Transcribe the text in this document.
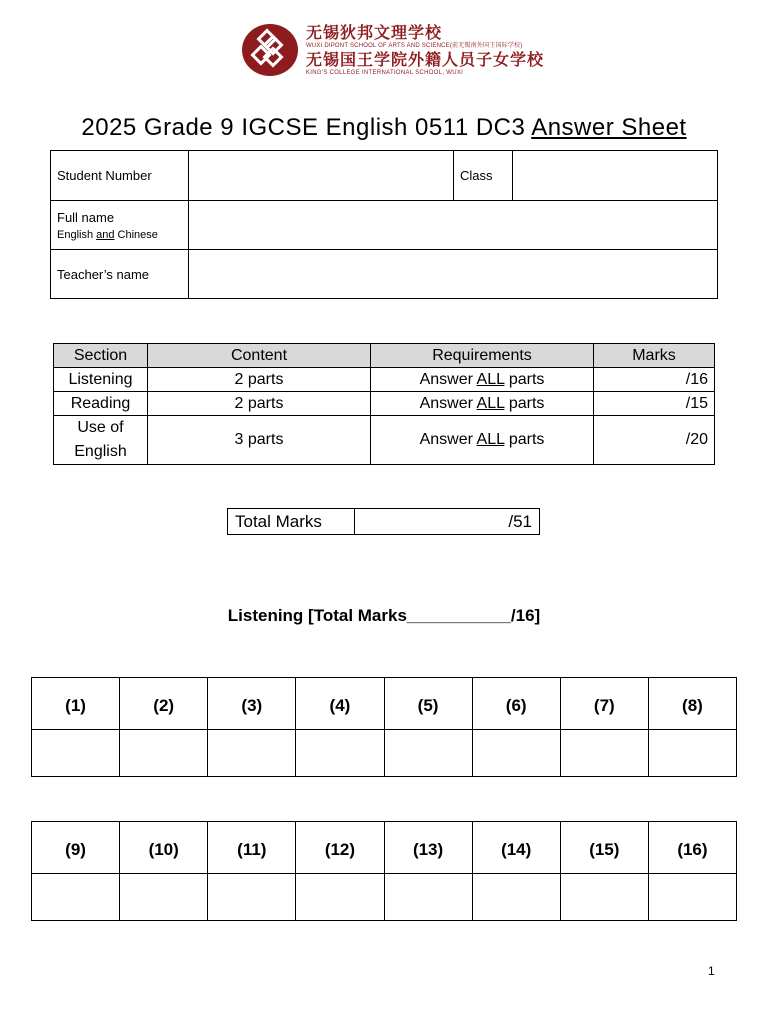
无锡狄邦文理学校
WUXI DIPONT SCHOOL OF ARTS AND SCIENCE(前无锡南外国王国际学校)
无锡国王学院外籍人员子女学校
KING'S COLLEGE INTERNATIONAL SCHOOL, WUXI
2025 Grade 9 IGCSE English 0511 DC3 Answer Sheet
Student Number		Class	
Full name
English and Chinese			

Teacher’s name			
Section	Content	Requirements	Marks
Listening	2 parts	Answer ALL parts	/16
Reading	2 parts	Answer ALL parts	/15
Use of
English	3 parts	Answer ALL parts	/20
Total Marks	/51
Listening [Total Marks___________/16]
(1)	(2)	(3)	(4)	(5)	(6)	(7)	(8)

(9)	(10)	(11)	(12)	(13)	(14)	(15)	(16)

1
